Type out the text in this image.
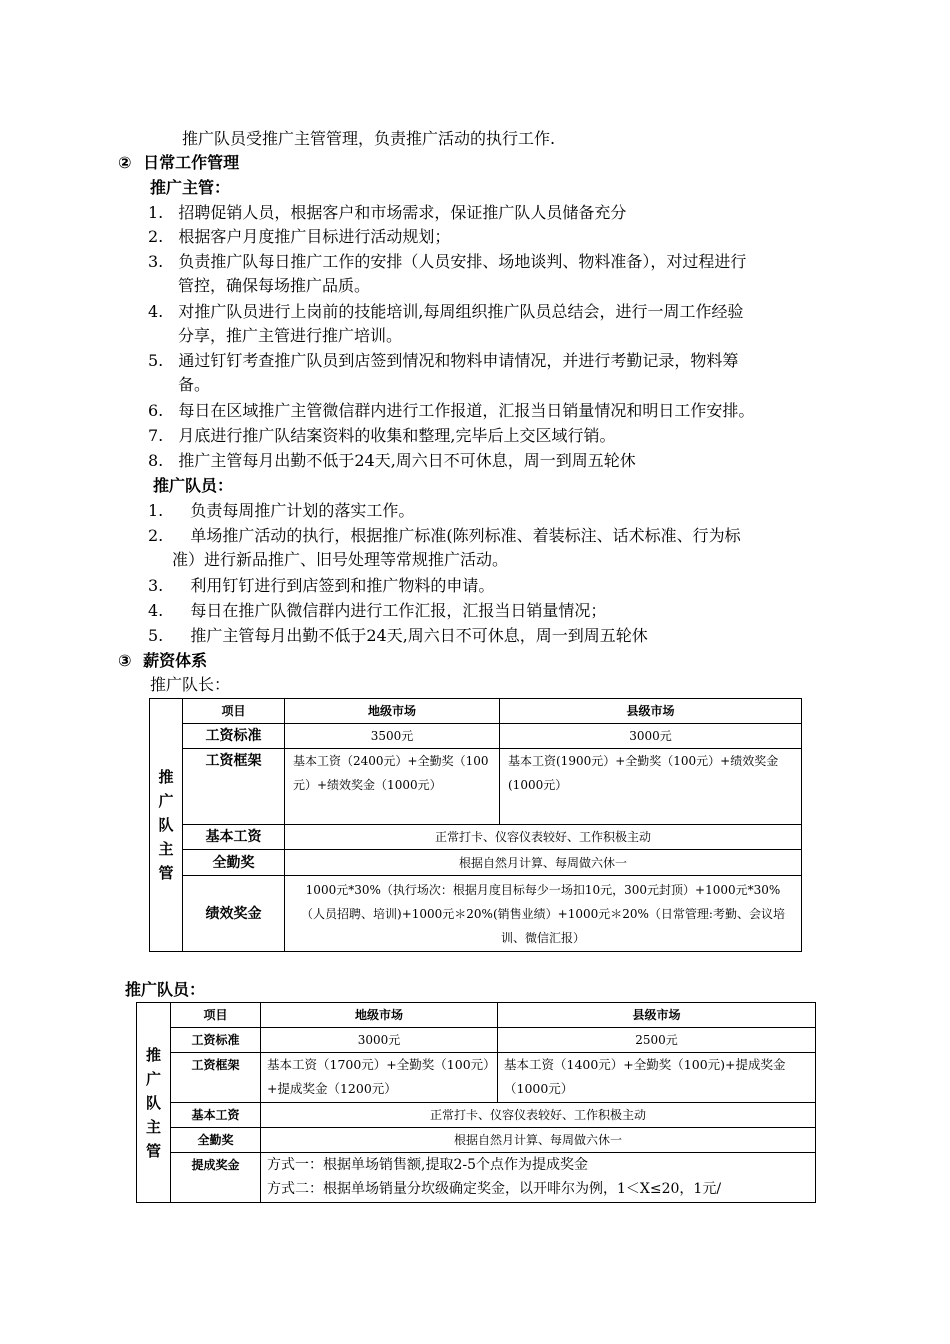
推广队员受推广主管管理，负责推广活动的执行工作.
② 日常工作管理
推广主管：
1. 招聘促销人员，根据客户和市场需求，保证推广队人员储备充分
2. 根据客户月度推广目标进行活动规划；
3. 负责推广队每日推广工作的安排（人员安排、场地谈判、物料准备），对过程进行
管控，确保每场推广品质。
4. 对推广队员进行上岗前的技能培训,每周组织推广队员总结会，进行一周工作经验
分享，推广主管进行推广培训。
5. 通过钉钉考查推广队员到店签到情况和物料申请情况，并进行考勤记录，物料筹
备。
6. 每日在区域推广主管微信群内进行工作报道，汇报当日销量情况和明日工作安排。
7. 月底进行推广队结案资料的收集和整理,完毕后上交区域行销。
8. 推广主管每月出勤不低于24天,周六日不可休息，周一到周五轮休
推广队员：
1. 负责每周推广计划的落实工作。
2. 单场推广活动的执行，根据推广标准(陈列标准、着装标注、话术标准、行为标
准）进行新品推广、旧号处理等常规推广活动。
3. 利用钉钉进行到店签到和推广物料的申请。
4. 每日在推广队微信群内进行工作汇报，汇报当日销量情况；
5. 推广主管每月出勤不低于24天,周六日不可休息，周一到周五轮休
③ 薪资体系
推广队长：
推
广
队
主
管	项目	地级市场	县级市场
	工资标准	3500元	3000元
	工资框架	基本工资（2400元）+全勤奖（100元）+绩效奖金（1000元）	基本工资(1900元）+全勤奖（100元）+绩效奖金(1000元）
	基本工资	正常打卡、仪容仪表较好、工作积极主动	
	全勤奖	根据自然月计算、每周做六休一	
	绩效奖金	1000元*30%（执行场次：根据月度目标每少一场扣10元，300元封顶）+1000元*30%（人员招聘、培训)+1000元＊20%(销售业绩）+1000元＊20%（日常管理:考勤、会议培训、微信汇报）	
推广队员：
推
广
队
主
管	项目	地级市场	县级市场
	工资标准	3000元	2500元
	工资框架	基本工资（1700元）+全勤奖（100元）+提成奖金（1200元）	基本工资（1400元）+全勤奖（100元)+提成奖金（1000元）
	基本工资	正常打卡、仪容仪表较好、工作积极主动	
	全勤奖	根据自然月计算、每周做六休一	
	提成奖金	方式一：根据单场销售额,提取2-5个点作为提成奖金
方式二：根据单场销量分坎级确定奖金，以开啡尔为例，1＜X≤20，1元/	
